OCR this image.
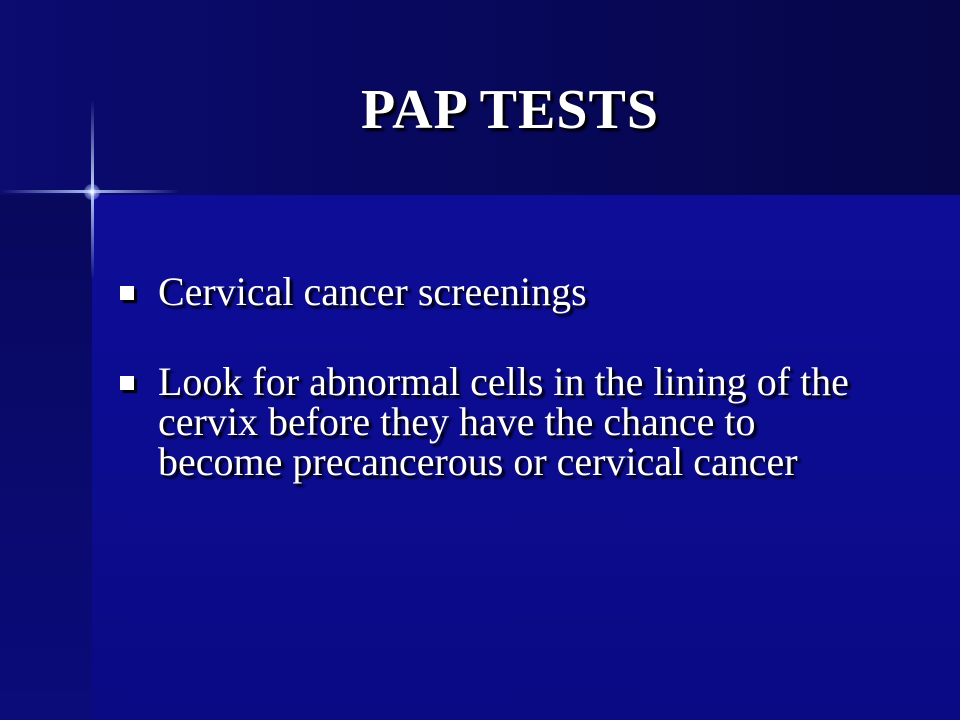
PAP TESTS
Cervical cancer screenings
Look for abnormal cells in the lining of the cervix before they have the chance to become precancerous or cervical cancer
